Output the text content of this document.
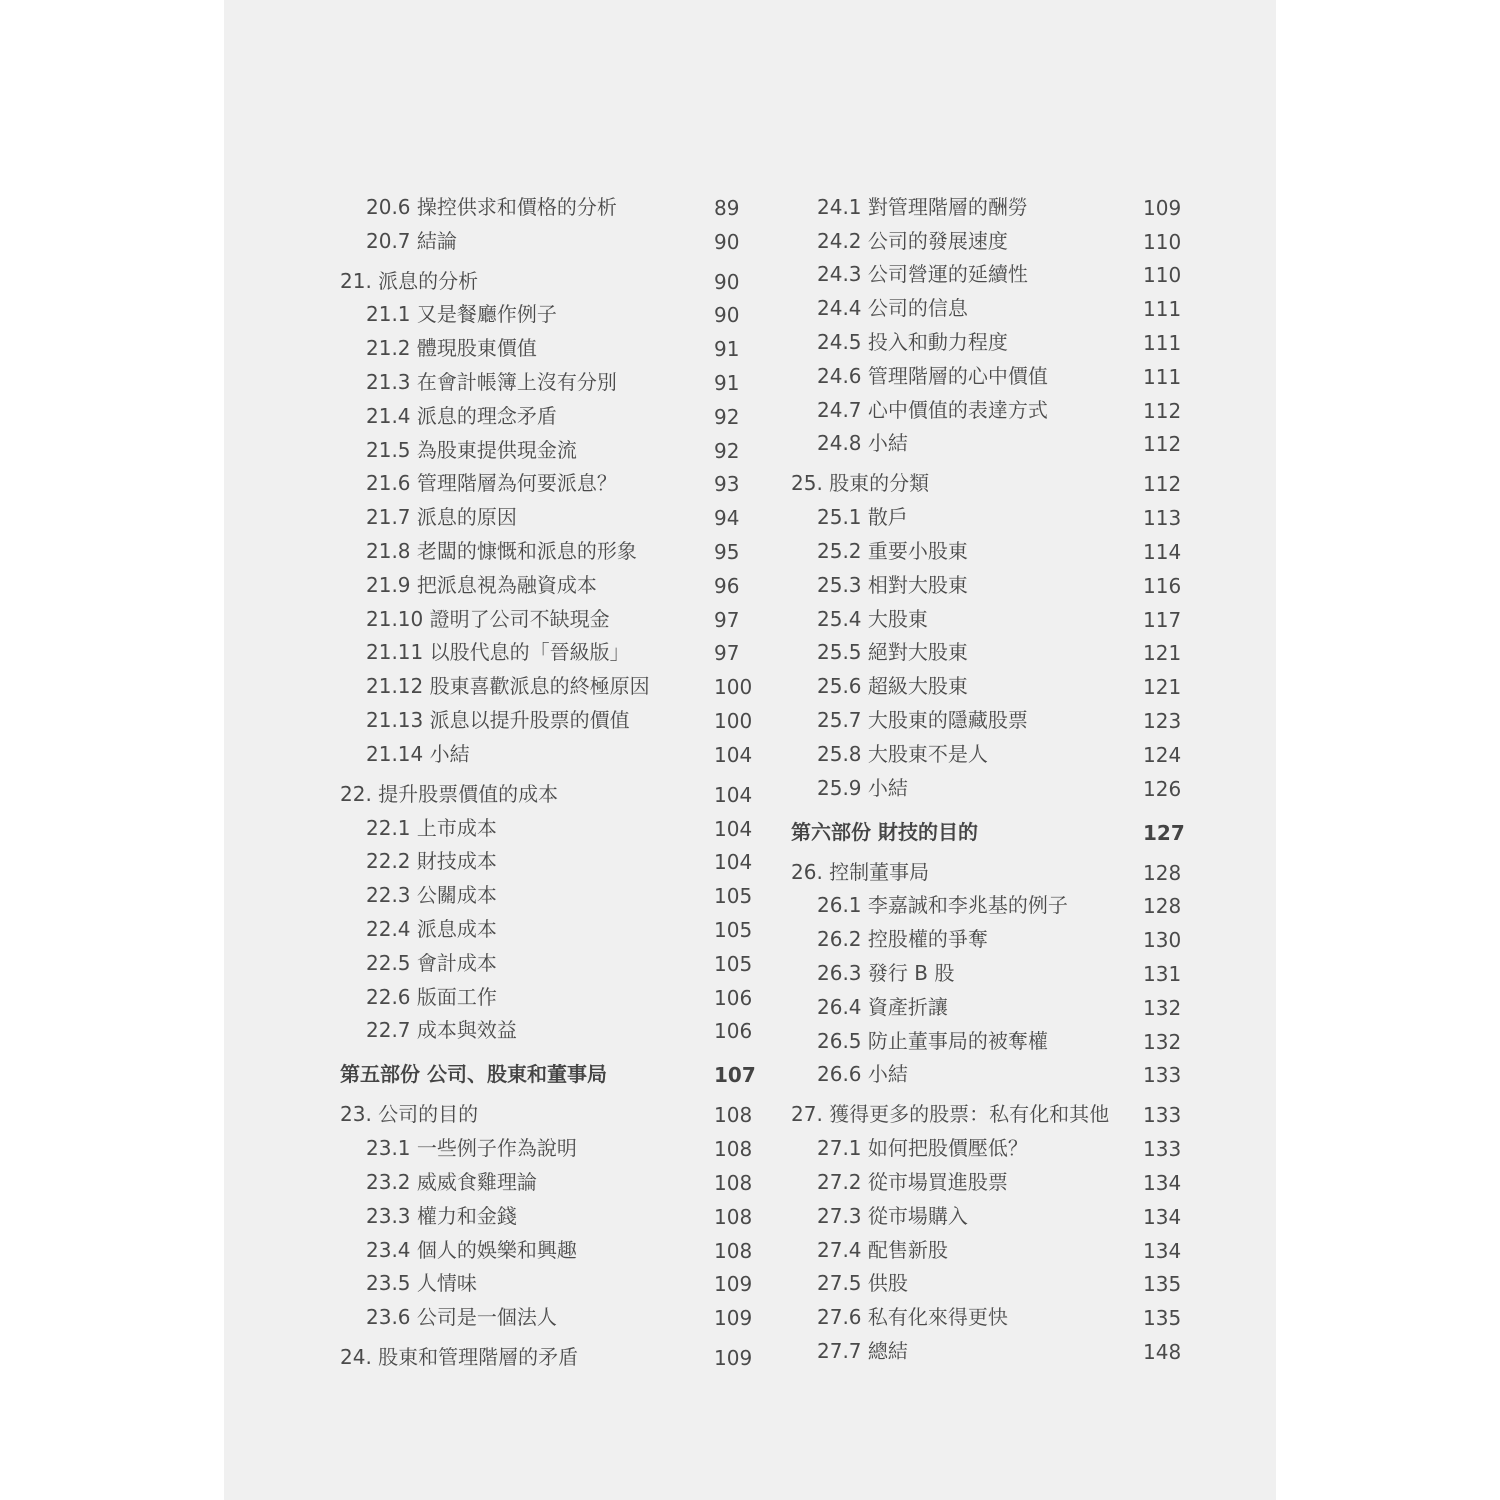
20.6 操控供求和價格的分析	89
20.7 結論	90
21. 派息的分析	90
21.1 又是餐廳作例子	90
21.2 體現股東價值	91
21.3 在會計帳簿上沒有分別	91
21.4 派息的理念矛盾	92
21.5 為股東提供現金流	92
21.6 管理階層為何要派息？	93
21.7 派息的原因	94
21.8 老闆的慷慨和派息的形象	95
21.9 把派息視為融資成本	96
21.10 證明了公司不缺現金	97
21.11 以股代息的「晉級版」	97
21.12 股東喜歡派息的終極原因	100
21.13 派息以提升股票的價值	100
21.14 小結	104
22. 提升股票價值的成本	104
22.1 上市成本	104
22.2 財技成本	104
22.3 公關成本	105
22.4 派息成本	105
22.5 會計成本	105
22.6 版面工作	106
22.7 成本與效益	106
第五部份 公司、股東和董事局	107
23. 公司的目的	108
23.1 一些例子作為說明	108
23.2 威威食雞理論	108
23.3 權力和金錢	108
23.4 個人的娛樂和興趣	108
23.5 人情味	109
23.6 公司是一個法人	109
24. 股東和管理階層的矛盾	109
24.1 對管理階層的酬勞	109
24.2 公司的發展速度	110
24.3 公司營運的延續性	110
24.4 公司的信息	111
24.5 投入和動力程度	111
24.6 管理階層的心中價值	111
24.7 心中價值的表達方式	112
24.8 小結	112
25. 股東的分類	112
25.1 散戶	113
25.2 重要小股東	114
25.3 相對大股東	116
25.4 大股東	117
25.5 絕對大股東	121
25.6 超級大股東	121
25.7 大股東的隱藏股票	123
25.8 大股東不是人	124
25.9 小結	126
第六部份 財技的目的	127
26. 控制董事局	128
26.1 李嘉誠和李兆基的例子	128
26.2 控股權的爭奪	130
26.3 發行 B 股	131
26.4 資產折讓	132
26.5 防止董事局的被奪權	132
26.6 小結	133
27. 獲得更多的股票：私有化和其他	133
27.1 如何把股價壓低？	133
27.2 從市場買進股票	134
27.3 從市場購入	134
27.4 配售新股	134
27.5 供股	135
27.6 私有化來得更快	135
27.7 總結	148
